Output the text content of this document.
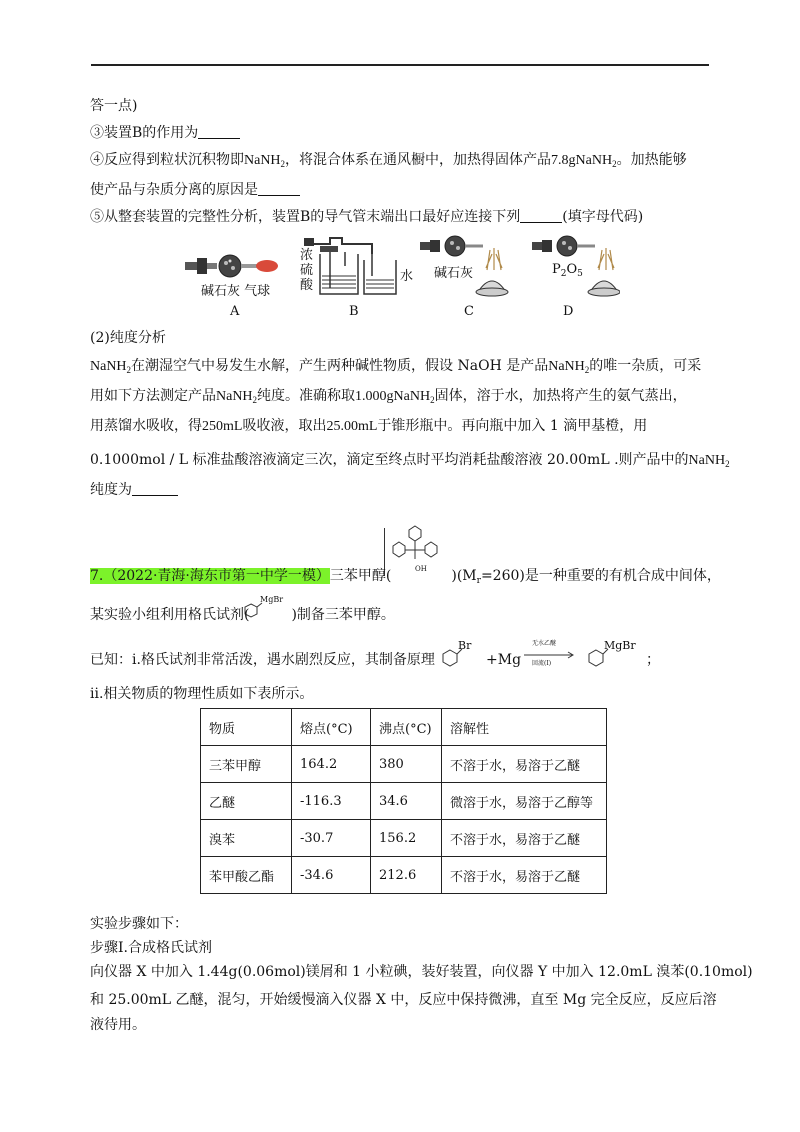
答一点)
③装置B的作用为
④反应得到粒状沉积物即NaNH$_2$，将混合体系在通风橱中，加热得固体产品7.8gNaNH$_2$。加热能够
使产品与杂质分离的原因是
⑤从整套装置的完整性分析，装置B的导气管末端出口最好应连接下列	(填字母代码)
碱石灰 气球
浓
硫
酸
水 碱石灰	$P_2O_5$
A	B	C	D
(2)纯度分析
NaNH$_2$在潮湿空气中易发生水解，产生两种碱性物质，假设 NaOH 是产品NaNH$_2$的唯一杂质，可采
用如下方法测定产品NaNH$_2$纯度。准确称取1.000gNaNH$_2$固体，溶于水，加热将产生的氨气蒸出，
用蒸馏水吸收，得250mL吸收液，取出25.00mL于锥形瓶中。再向瓶中加入 1 滴甲基橙，用
0.1000mol / L 标准盐酸溶液滴定三次，滴定至终点时平均消耗盐酸溶液 20.00mL .则产品中的NaNH$_2$
纯度为
OH
7.（2022·青海·海东市第一中学一模）三苯甲醇(	)$(M_r=260)$是一种重要的有机合成中间体，
MgBr
某实验小组利用格氏试剂(	)制备三苯甲醇。
Br
已知：i.格氏试剂非常活泼，遇水剧烈反应，其制备原理	+Mg
无水乙醚
回流(I)
MgBr
；
ii.相关物质的物理性质如下表所示。
物质	熔点(°C)	沸点(°C)	溶解性
三苯甲醇	164.2	380	不溶于水，易溶于乙醚
乙醚	-116.3	34.6	微溶于水，易溶于乙醇等
溴苯	-30.7	156.2	不溶于水，易溶于乙醚
苯甲酸乙酯	-34.6	212.6	不溶于水，易溶于乙醚
实验步骤如下：
步骤Ⅰ.合成格氏试剂
向仪器 X 中加入 1.44g(0.06mol)镁屑和 1 小粒碘，装好装置，向仪器 Y 中加入 12.0mL 溴苯(0.10mol)
和 25.00mL 乙醚，混匀，开始缓慢滴入仪器 X 中，反应中保持微沸，直至 Mg 完全反应，反应后溶
液待用。
